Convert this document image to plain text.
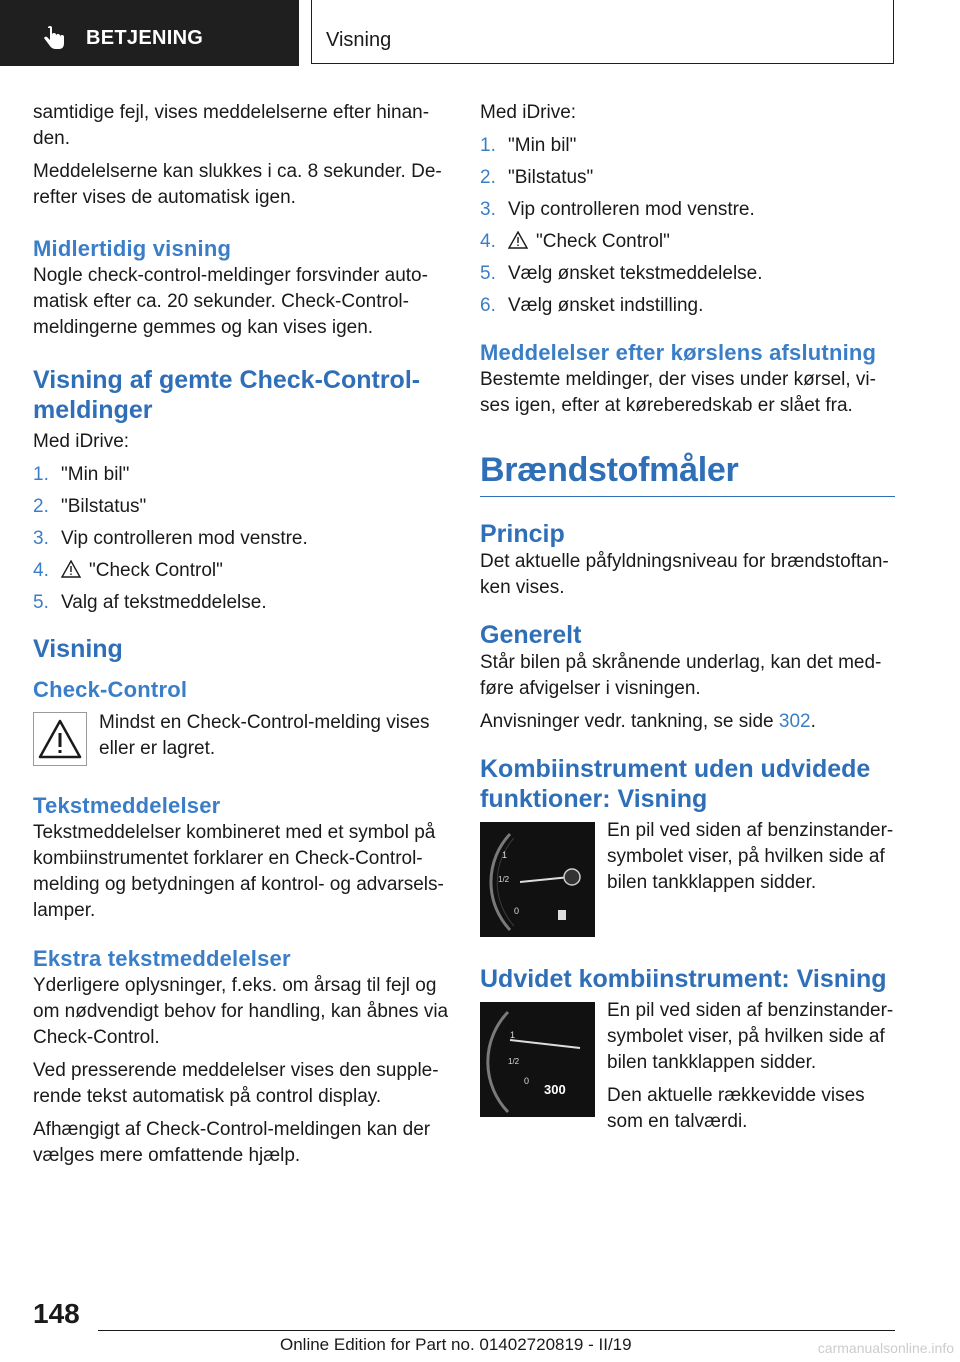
BETJENING	Visning

samtidige fejl, vises meddelelserne efter hinan-den.

Meddelelserne kan slukkes i ca. 8 sekunder. De-refter vises de automatisk igen.

Midlertidig visning

Nogle check-control-meldinger forsvinder auto-matisk efter ca. 20 sekunder. Check-Control-meldingerne gemmes og kan vises igen.

Visning af gemte Check-Control-meldinger

Med iDrive:

1. "Min bil"
2. "Bilstatus"
3. Vip controlleren mod venstre.
4. "Check Control"
5. Valg af tekstmeddelelse.
Visning
Check-Control
Mindst en Check-Control-melding vises eller er lagret.
Tekstmeddelelser

Tekstmeddelelser kombineret med et symbol på kombiinstrumentet forklarer en Check-Control-melding og betydningen af kontrol- og advarsels-lamper.

Ekstra tekstmeddelelser

Yderligere oplysninger, f.eks. om årsag til fejl og om nødvendigt behov for handling, kan åbnes via Check-Control.

Ved presserende meddelelser vises den supple-rende tekst automatisk på control display.

Afhængigt af Check-Control-meldingen kan der vælges mere omfattende hjælp.

Med iDrive:

1. "Min bil"
2. "Bilstatus"
3. Vip controlleren mod venstre.
4. "Check Control"
5. Vælg ønsket tekstmeddelelse.
6. Vælg ønsket indstilling.
Meddelelser efter kørslens afslutning

Bestemte meldinger, der vises under kørsel, vi-ses igen, efter at køreberedskab er slået fra.

Brændstofmåler
Princip

Det aktuelle påfyldningsniveau for brændstoftan-ken vises.

Generelt

Står bilen på skrånende underlag, kan det med-føre afvigelser i visningen.

Anvisninger vedr. tankning, se side 302.

Kombiinstrument uden udvidede funktioner: Visning
1
1/2
0
En pil ved siden af benzinstander-symbolet viser, på hvilken side af bilen tankklappen sidder.
Udvidet kombiinstrument: Visning
1
1/2
0
300

En pil ved siden af benzinstander-symbolet viser, på hvilken side af bilen tankklappen sidder.

Den aktuelle rækkevidde vises som en talværdi.

148
Online Edition for Part no. 01402720819 - II/19	carmanualsonline.info
